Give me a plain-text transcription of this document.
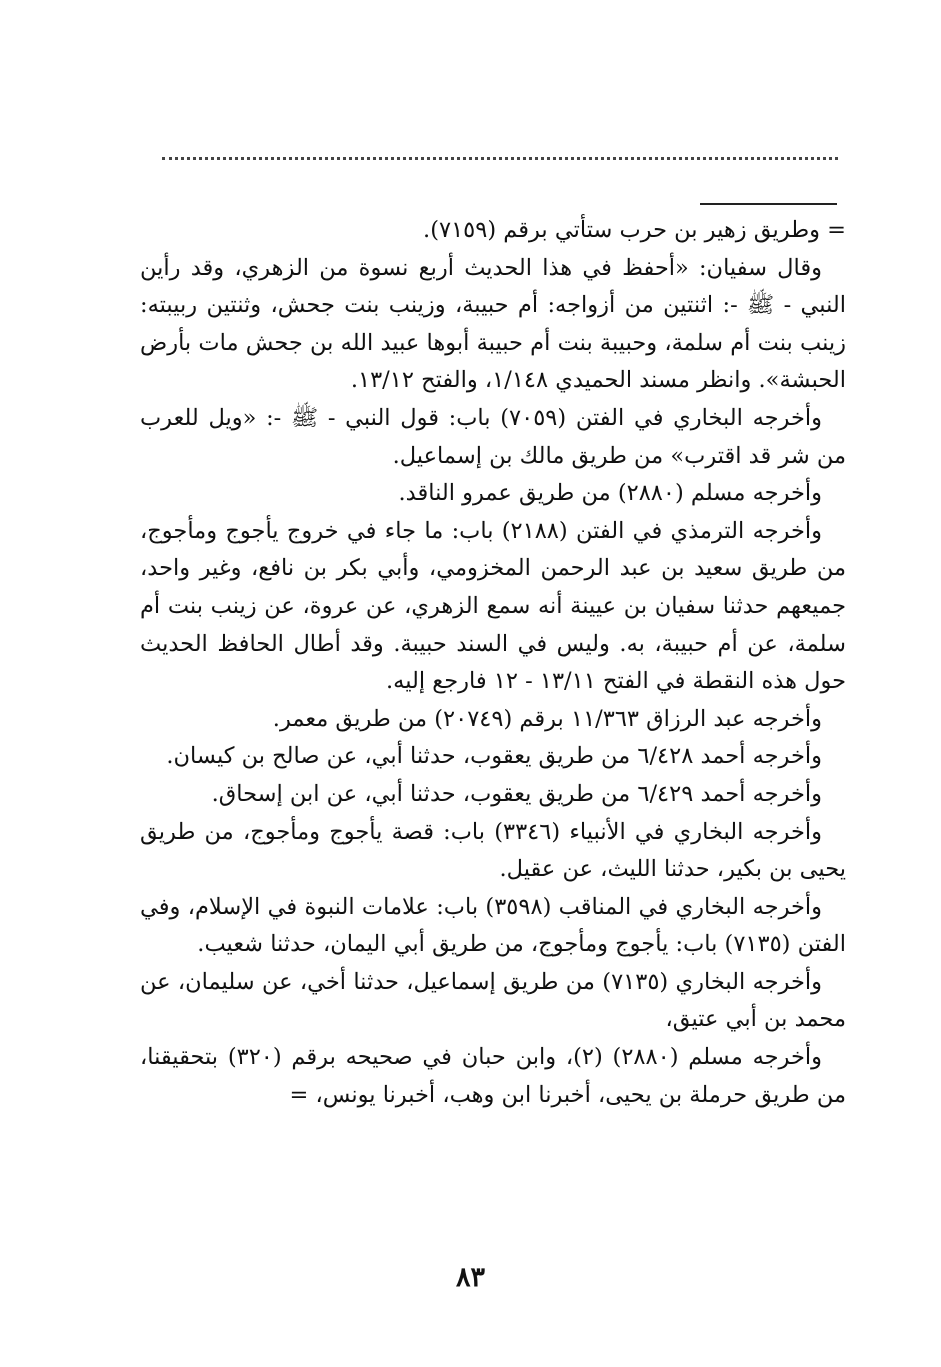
= وطريق زهير بن حرب ستأتي برقم (٧١٥٩).

وقال سفيان: «أحفظ في هذا الحديث أربع نسوة من الزهري، وقد رأين النبي - ﷺ -: اثنتين من أزواجه: أم حبيبة، وزينب بنت جحش، وثنتين ربيبته: زينب بنت أم سلمة، وحبيبة بنت أم حبيبة أبوها عبيد الله بن جحش مات بأرض الحبشة». وانظر مسند الحميدي ١/١٤٨، والفتح ١٣/١٢.

وأخرجه البخاري في الفتن (٧٠٥٩) باب: قول النبي - ﷺ -: «ويل للعرب من شر قد اقترب» من طريق مالك بن إسماعيل.

وأخرجه مسلم (٢٨٨٠) من طريق عمرو الناقد.

وأخرجه الترمذي في الفتن (٢١٨٨) باب: ما جاء في خروج يأجوج ومأجوج، من طريق سعيد بن عبد الرحمن المخزومي، وأبي بكر بن نافع، وغير واحد، جميعهم حدثنا سفيان بن عيينة أنه سمع الزهري، عن عروة، عن زينب بنت أم سلمة، عن أم حبيبة، به. وليس في السند حبيبة. وقد أطال الحافظ الحديث حول هذه النقطة في الفتح ١٣/١١ - ١٢ فارجع إليه.

وأخرجه عبد الرزاق ١١/٣٦٣ برقم (٢٠٧٤٩) من طريق معمر.

وأخرجه أحمد ٦/٤٢٨ من طريق يعقوب، حدثنا أبي، عن صالح بن كيسان.

وأخرجه أحمد ٦/٤٢٩ من طريق يعقوب، حدثنا أبي، عن ابن إسحاق.

وأخرجه البخاري في الأنبياء (٣٣٤٦) باب: قصة يأجوج ومأجوج، من طريق يحيى بن بكير، حدثنا الليث، عن عقيل.

وأخرجه البخاري في المناقب (٣٥٩٨) باب: علامات النبوة في الإسلام، وفي الفتن (٧١٣٥) باب: يأجوج ومأجوج، من طريق أبي اليمان، حدثنا شعيب.

وأخرجه البخاري (٧١٣٥) من طريق إسماعيل، حدثنا أخي، عن سليمان، عن محمد بن أبي عتيق،

وأخرجه مسلم (٢٨٨٠) (٢)، وابن حبان في صحيحه برقم (٣٢٠) بتحقيقنا، من طريق حرملة بن يحيى، أخبرنا ابن وهب، أخبرنا يونس، =

٨٣
